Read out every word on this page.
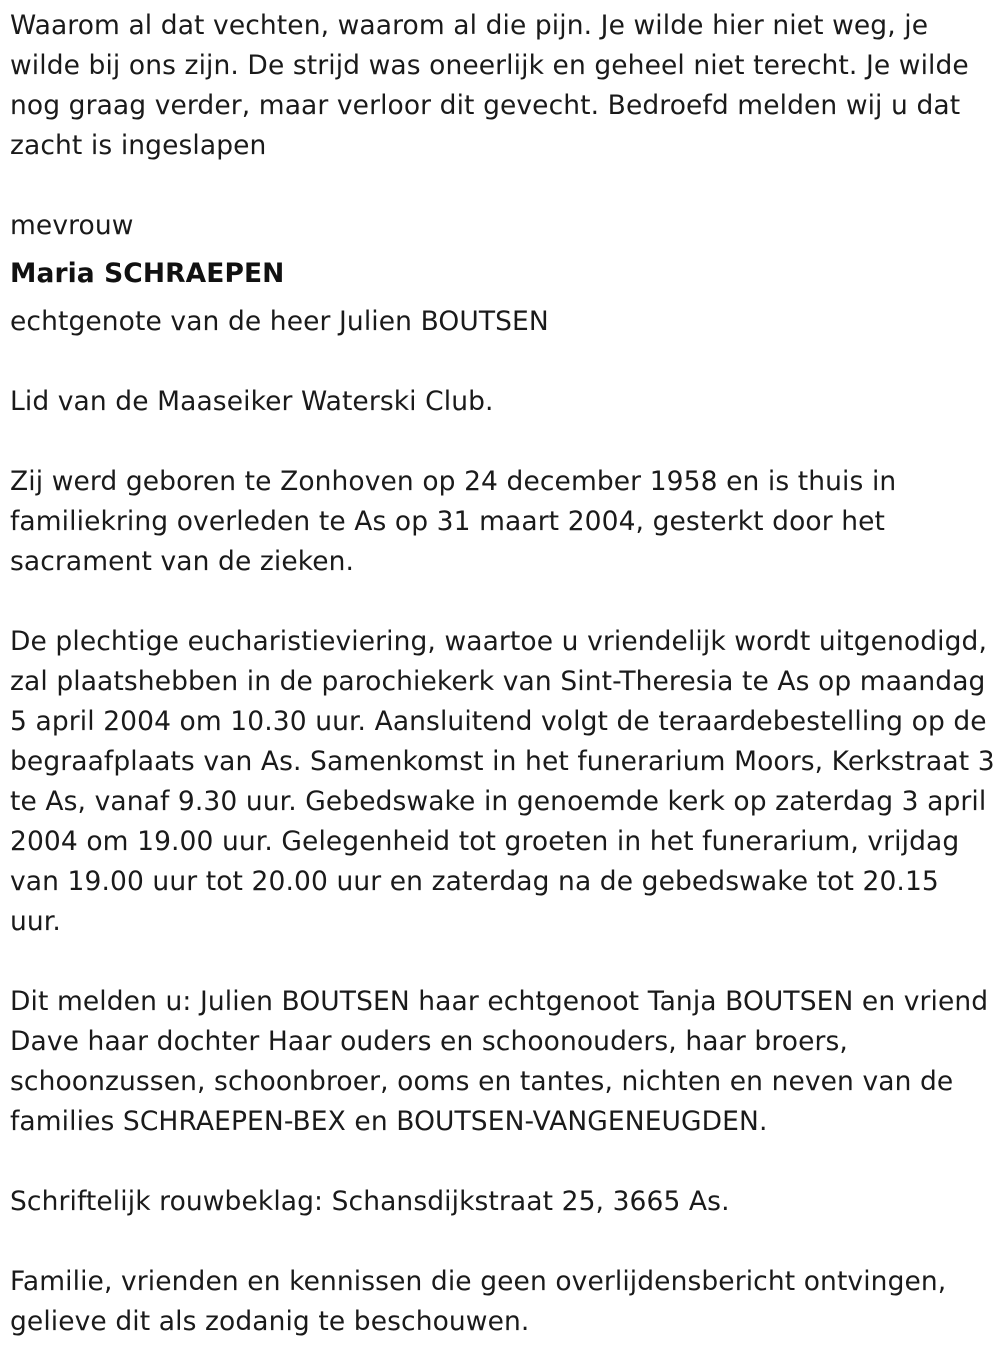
Waarom al dat vechten, waarom al die pijn. Je wilde hier niet weg, je wilde bij ons zijn. De strijd was oneerlijk en geheel niet terecht. Je wilde nog graag verder, maar verloor dit gevecht. Bedroefd melden wij u dat zacht is ingeslapen

mevrouw

Maria SCHRAEPEN

echtgenote van de heer Julien BOUTSEN

Lid van de Maaseiker Waterski Club.

Zij werd geboren te Zonhoven op 24 december 1958 en is thuis in familiekring overleden te As op 31 maart 2004, gesterkt door het sacrament van de zieken.

De plechtige eucharistieviering, waartoe u vriendelijk wordt uitgenodigd, zal plaatshebben in de parochiekerk van Sint-Theresia te As op maandag 5 april 2004 om 10.30 uur. Aansluitend volgt de teraardebestelling op de begraafplaats van As. Samenkomst in het funerarium Moors, Kerkstraat 3 te As, vanaf 9.30 uur. Gebedswake in genoemde kerk op zaterdag 3 april 2004 om 19.00 uur. Gelegenheid tot groeten in het funerarium, vrijdag van 19.00 uur tot 20.00 uur en zaterdag na de gebedswake tot 20.15 uur.

Dit melden u: Julien BOUTSEN haar echtgenoot Tanja BOUTSEN en vriend Dave haar dochter Haar ouders en schoonouders, haar broers, schoonzussen, schoonbroer, ooms en tantes, nichten en neven van de families SCHRAEPEN-BEX en BOUTSEN-VANGENEUGDEN.

Schriftelijk rouwbeklag: Schansdijkstraat 25, 3665 As.

Familie, vrienden en kennissen die geen overlijdensbericht ontvingen, gelieve dit als zodanig te beschouwen.
